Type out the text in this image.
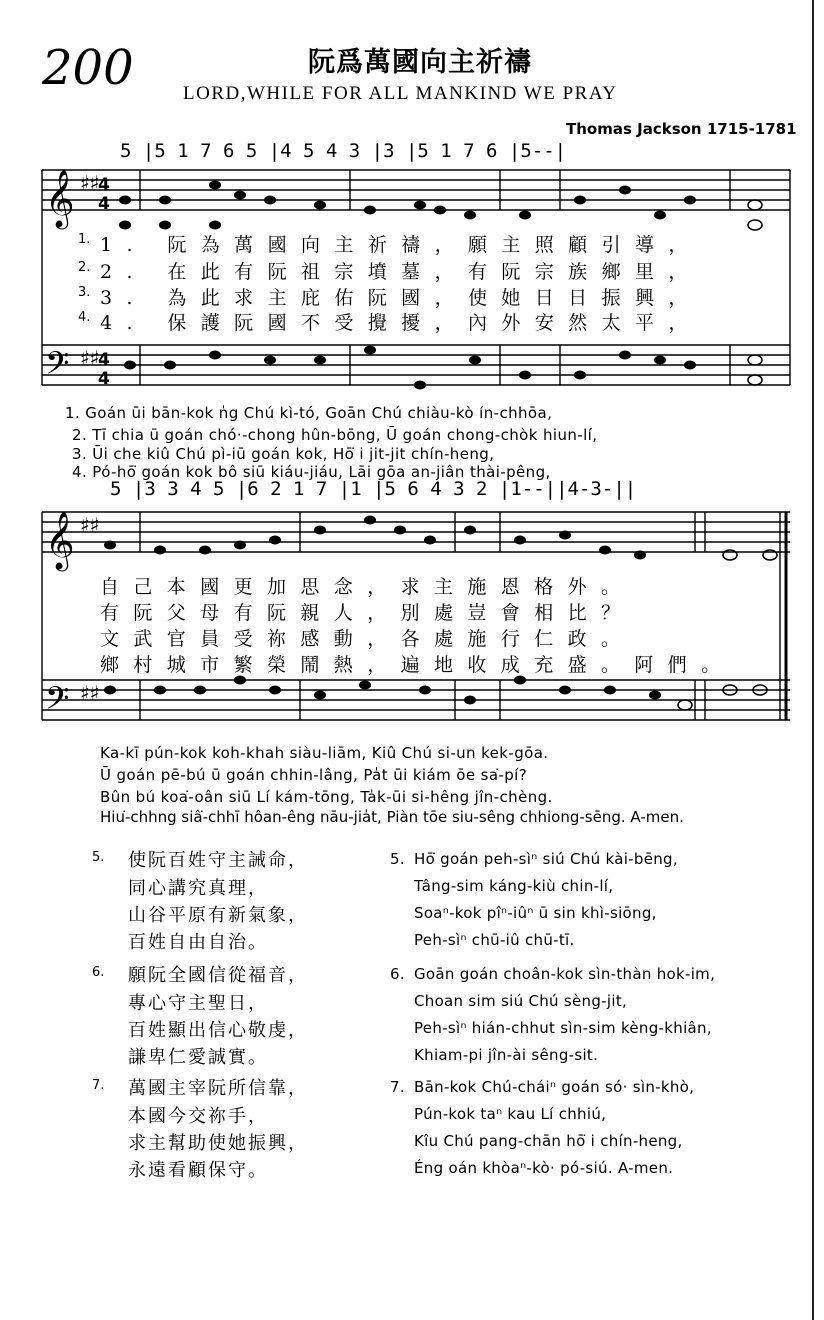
200	阮爲萬國向主祈禱
LORD,WHILE FOR ALL MANKIND WE PRAY
Thomas Jackson 1715-1781
5 |5 1 7 6 5 |4 5 4 3 |3 |5 1 7 6 |5--|
𝄞
𝄢
𝄞
𝄢
♯♯
♯♯
♯♯
♯♯
4
4
4
4
1.
2.
3.
4.
1. 阮為萬國向主祈禱，願主照顧引導，
2. 在此有阮祖宗墳墓，有阮宗族鄉里，
3. 為此求主庇佑阮國，使她日日振興，
4. 保護阮國不受攪擾，內外安然太平，
1. Goán ūi bān-kok n̍g Chú kì-tó, Goān Chú chiàu-kò ín-chhōa,
2. Tī chia ū goán chó·-chong hûn-bōng, Ū goán chong-chòk hiun-lí,
3. Ūi che kiû Chú pì-iū goán kok, Hō͘ i jit-jit chín-heng,
4. Pó-hō͘ goán kok bô siū kiáu-jiáu, Lāi gōa an-jiân thài-pêng,
5 |3 3 4 5 |6 2 1 7 |1 |5 6 4 3 2 |1--||4-3-||
自己本國更加思念，求主施恩格外。
有阮父母有阮親人，別處豈會相比？
文武官員受祢感動，各處施行仁政。
鄉村城市繁榮鬧熱，遍地收成充盛。阿們。
Ka-kī pún-kok koh-khah siàu-liām, Kiû Chú si-un kek-gōa.
Ū goán pē-bú ū goán chhin-lâng, Pa̍t ūi kiám ōe sa͘-pí?
Bûn bú koa͘-oân siū Lí kám-tōng, Ta̍k-ūi si-hêng jîn-chèng.
Hiu͘-chhng siâ͘-chhī hôan-êng nāu-jia̍t, Piàn tōe siu-sêng chhiong-sēng. A-men.
5. 使阮百姓守主誡命，
同心講究真理，
山谷平原有新氣象，
百姓自由自治。
5. Hō͘ goán peh-sìⁿ siú Chú kài-bēng,
Tâng-sim káng-kiù chin-lí,
Soaⁿ-kok pîⁿ-iûⁿ ū sin khì-siōng,
Peh-sìⁿ chū-iû chū-tī.
6. 願阮全國信從福音，
專心守主聖日，
百姓顯出信心敬虔，
謙卑仁愛誠實。
6. Goān goán choân-kok sìn-thàn hok-im,
Choan sim siú Chú sèng-jit,
Peh-sìⁿ hián-chhut sìn-sim kèng-khiân,
Khiam-pi jîn-ài sêng-sit.
7. 萬國主宰阮所信靠，
本國今交祢手，
求主幫助使她振興，
永遠看顧保守。
7. Bān-kok Chú-cháiⁿ goán só· sìn-khò,
Pún-kok taⁿ kau Lí chhiú,
Kîu Chú pang-chān hō͘ i chín-heng,
Éng oán khòaⁿ-kò· pó-siú. A-men.
